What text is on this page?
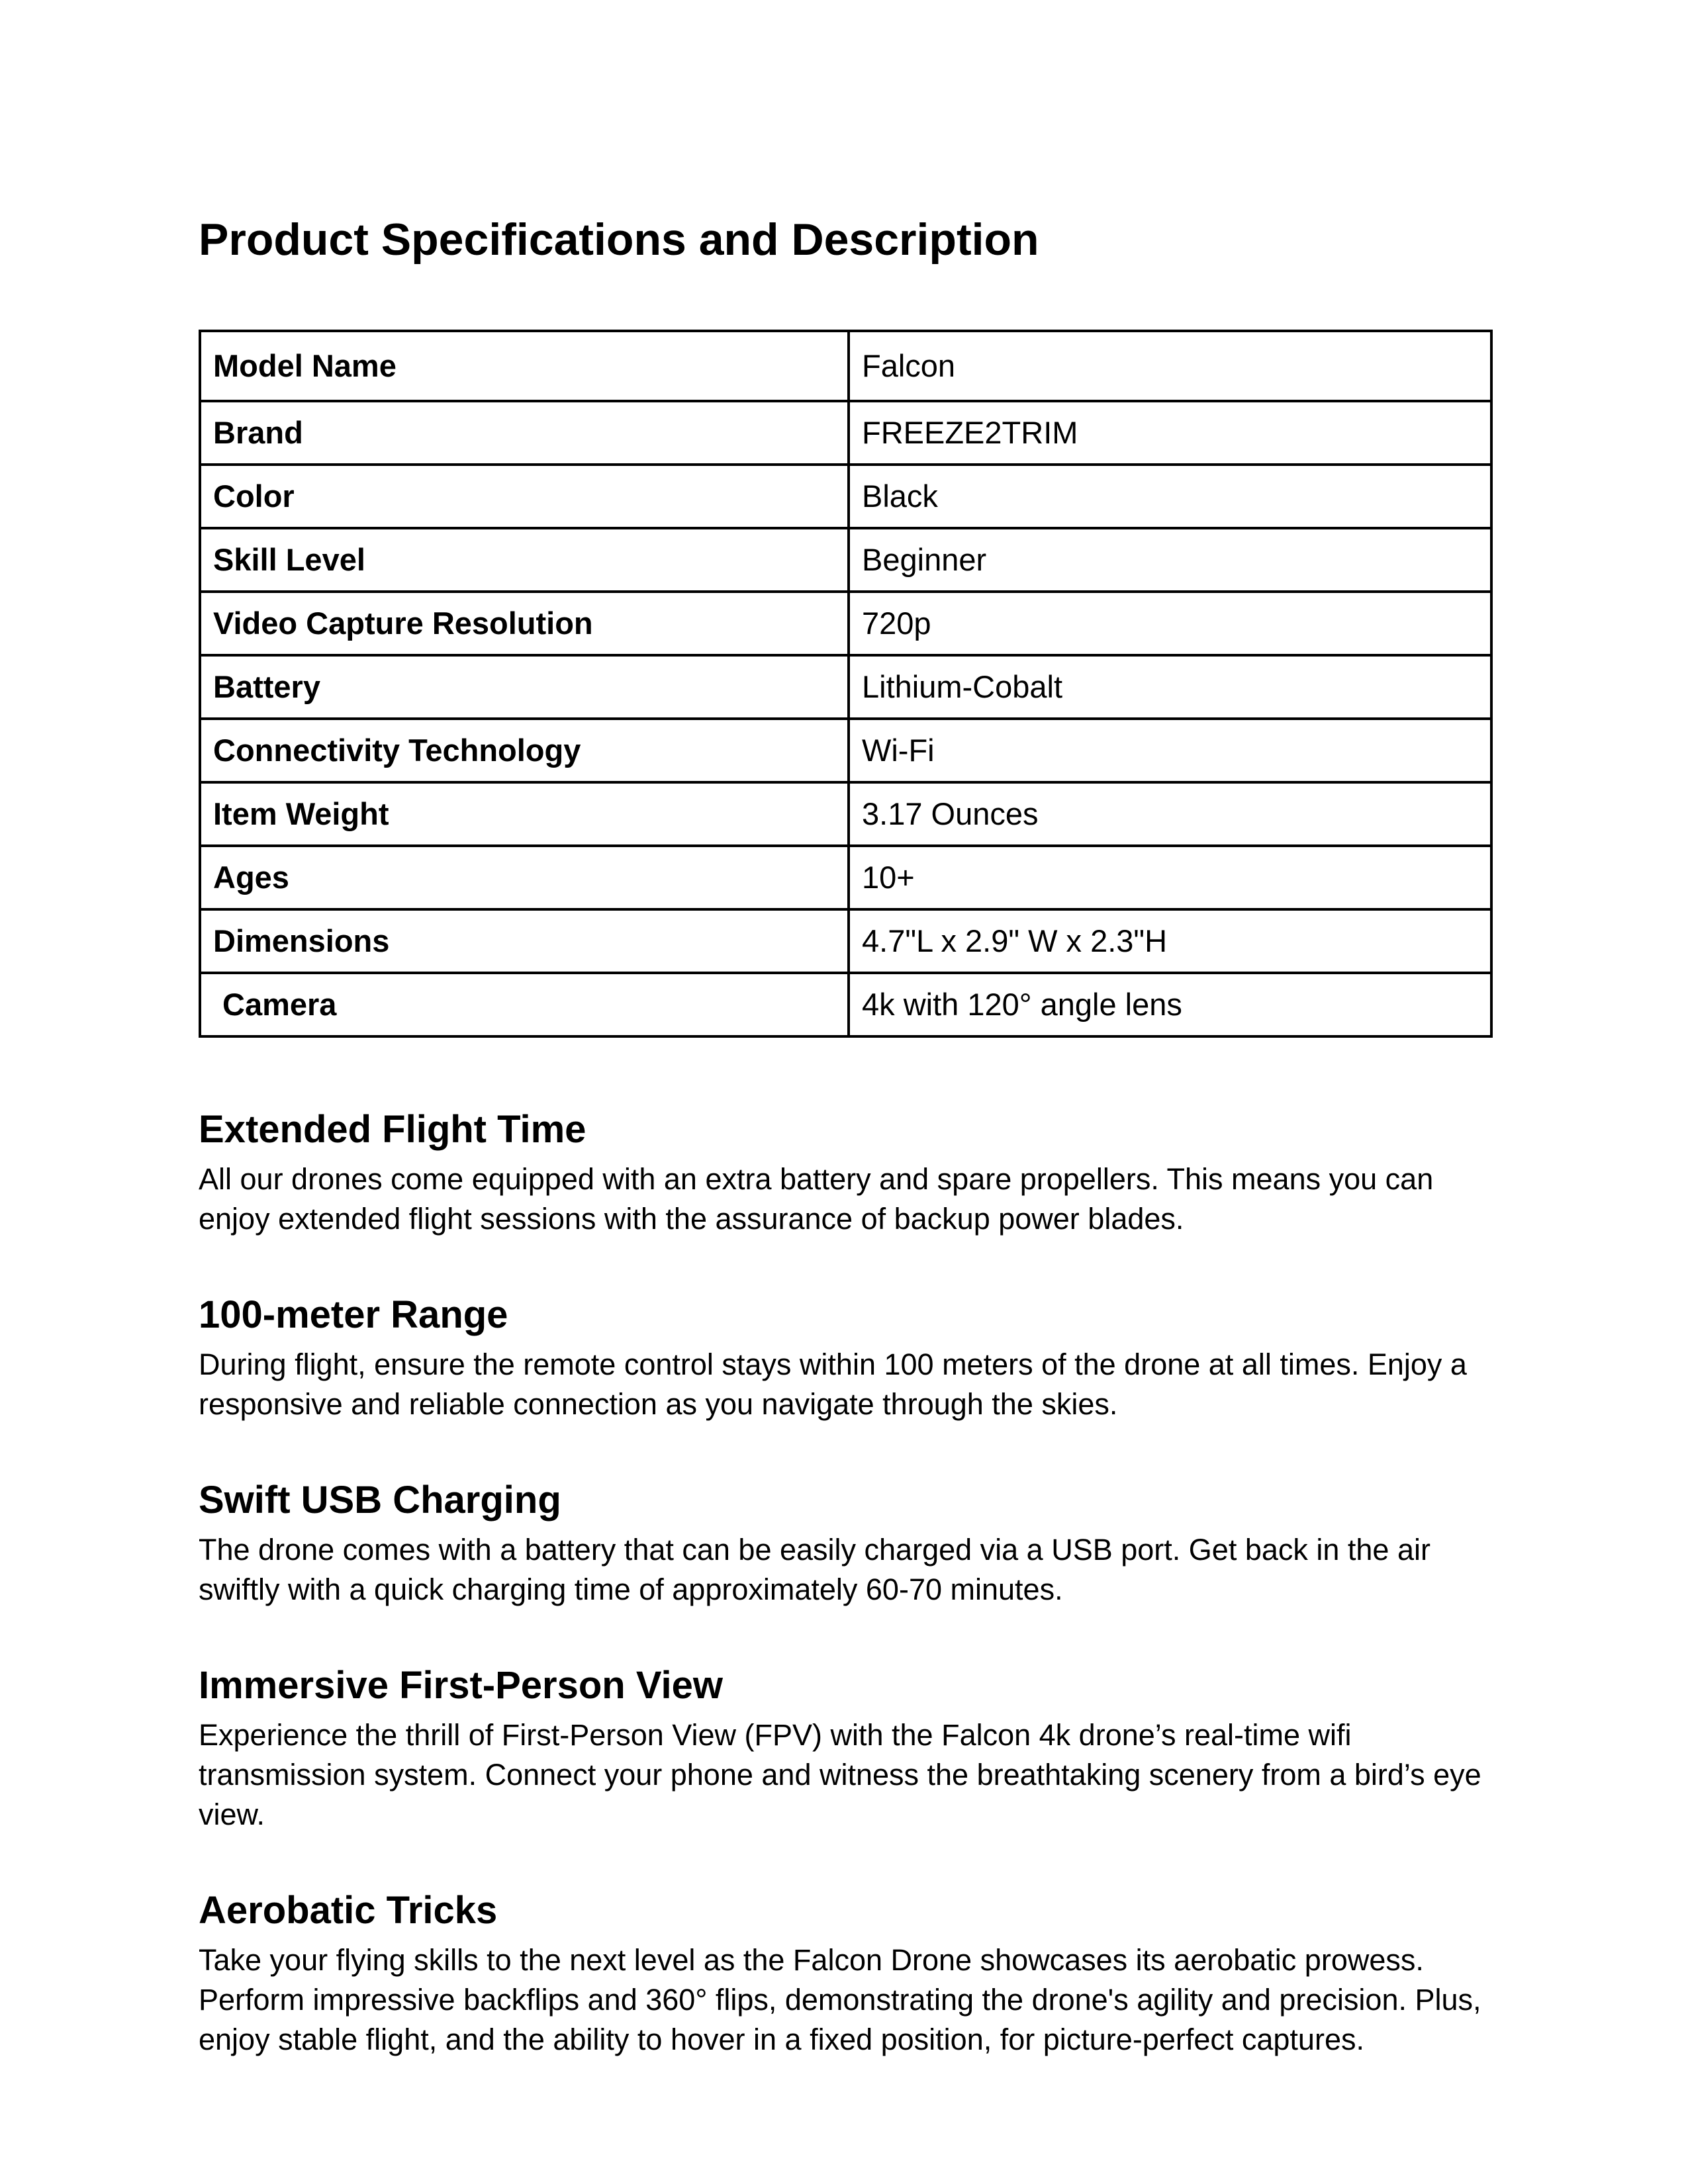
Product Specifications and Description
Model Name	Falcon
Brand	FREEZE2TRIM
Color	Black
Skill Level	Beginner
Video Capture Resolution	720p
Battery	Lithium-Cobalt
Connectivity Technology	Wi-Fi
Item Weight	3.17 Ounces
Ages	10+
Dimensions	4.7"L x 2.9" W x 2.3"H
Camera	4k with 120° angle lens
Extended Flight Time

All our drones come equipped with an extra battery and spare propellers. This means you can enjoy extended flight sessions with the assurance of backup power blades.

100-meter Range

During flight, ensure the remote control stays within 100 meters of the drone at all times. Enjoy a responsive and reliable connection as you navigate through the skies.

Swift USB Charging

The drone comes with a battery that can be easily charged via a USB port. Get back in the air swiftly with a quick charging time of approximately 60-70 minutes.

Immersive First-Person View

Experience the thrill of First-Person View (FPV) with the Falcon 4k drone’s real-time wifi transmission system. Connect your phone and witness the breathtaking scenery from a bird’s eye view.

Aerobatic Tricks

Take your flying skills to the next level as the Falcon Drone showcases its aerobatic prowess. Perform impressive backflips and 360° flips, demonstrating the drone's agility and precision. Plus, enjoy stable flight, and the ability to hover in a fixed position, for picture-perfect captures.
